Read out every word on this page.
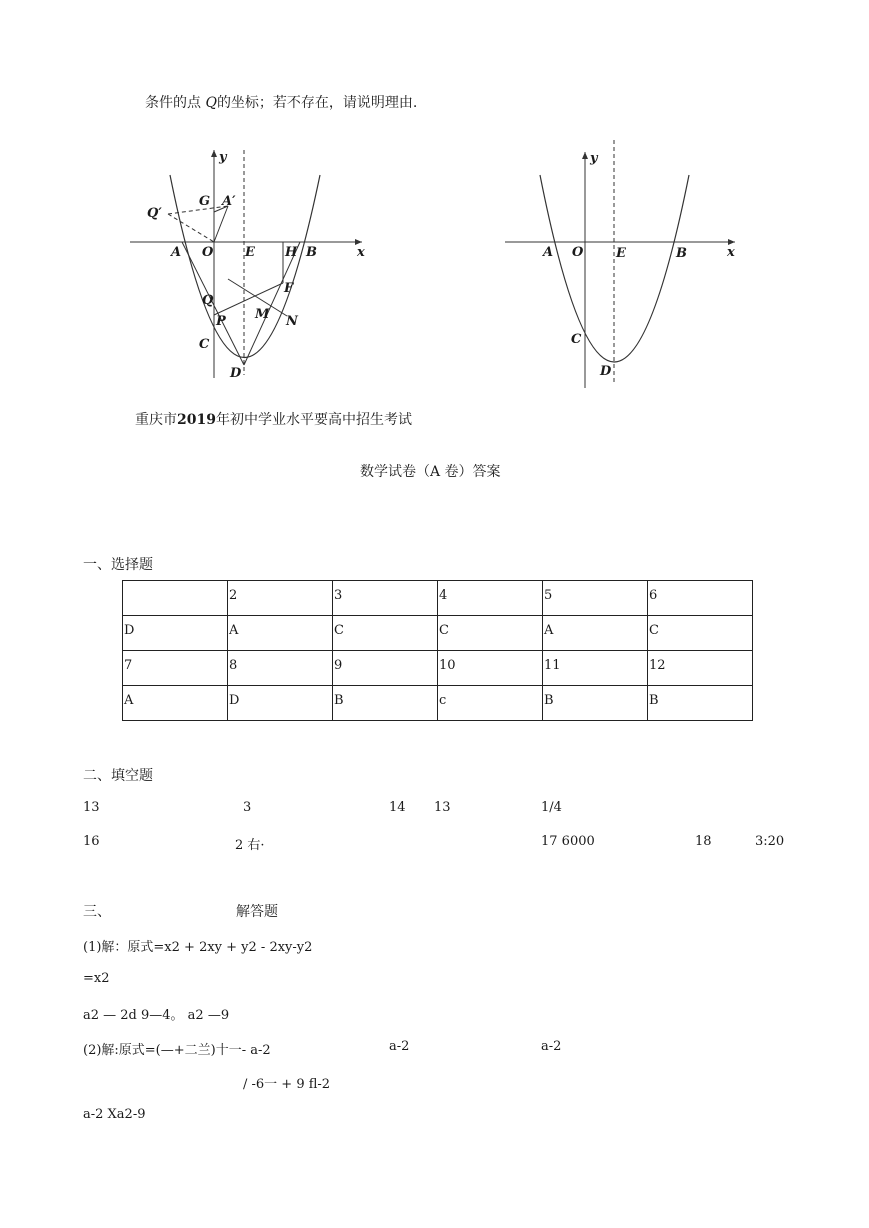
条件的点 Q的坐标；若不存在，请说明理由.
y
x
G A′
Q′
A O E H B
Q
F
P M N
C
D
y
x
A O	E	B
C
D
重庆市2019年初中学业水平要高中招生考试
数学试卷（A 卷）答案
一、选择题
	2	3	4	5	6
D	A	C	C	A	C
7	8	9	10	11	12
A	D	B	c	B	B
二、填空题
13	3	14 13	1/4
16	2 右·	17 6000	18	3:20
三、	解答题
(1)解：原式=x2 + 2xy + y2 - 2xy-y2
=x2
a2 — 2d 9—4。 a2 —9
(2)解:原式=(—+二兰)十一- a-2	a-2	a-2
/ -6一 + 9 fl-2
a-2 Xa2-9
